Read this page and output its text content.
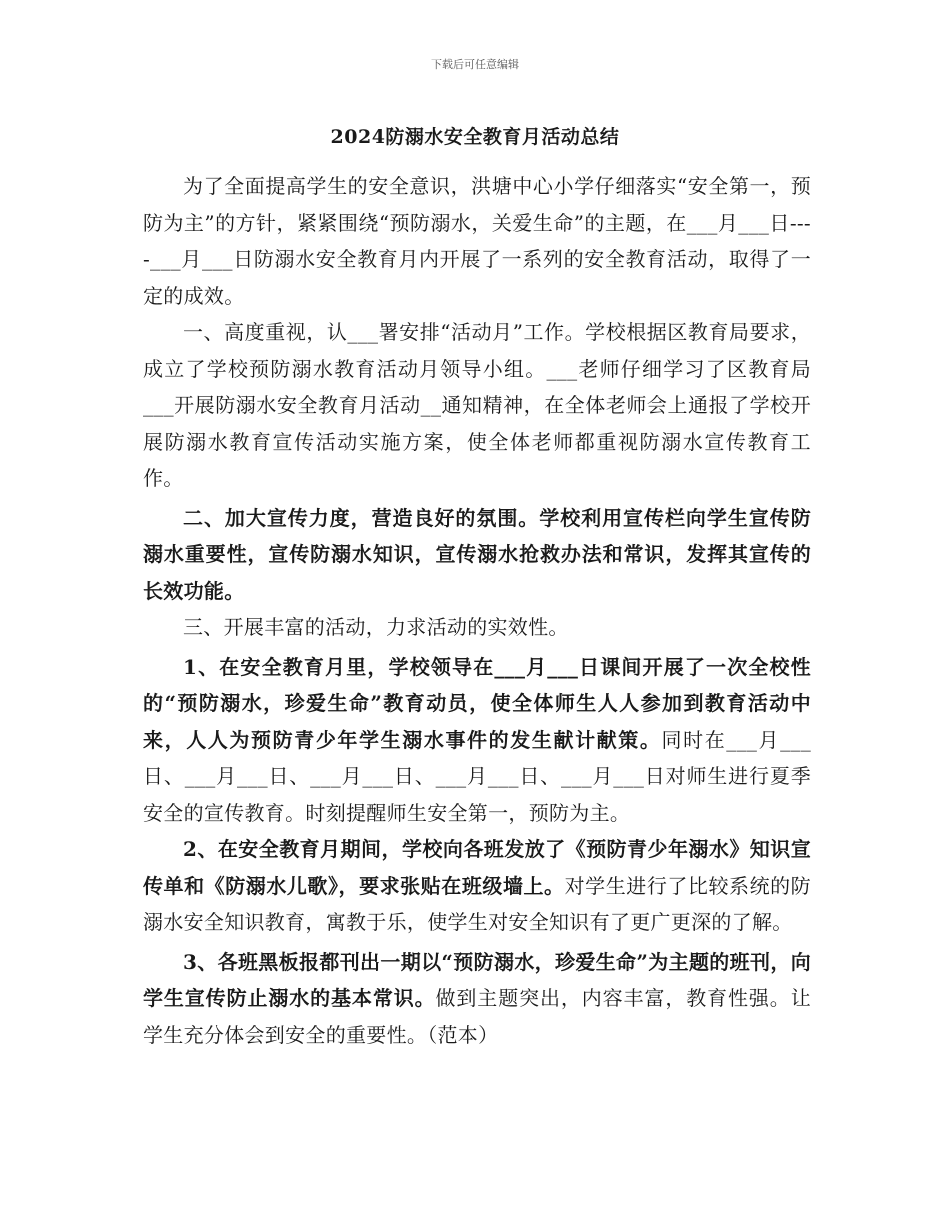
下载后可任意编辑
2024防溺水安全教育月活动总结

为了全面提高学生的安全意识，洪塘中心小学仔细落实“安全第一，预防为主”的方针，紧紧围绕“预防溺水，关爱生命”的主题，在___月___日----___月___日防溺水安全教育月内开展了一系列的安全教育活动，取得了一定的成效。

一、高度重视，认___署安排“活动月”工作。学校根据区教育局要求，成立了学校预防溺水教育活动月领导小组。___老师仔细学习了区教育局___开展防溺水安全教育月活动__通知精神，在全体老师会上通报了学校开展防溺水教育宣传活动实施方案，使全体老师都重视防溺水宣传教育工作。

二、加大宣传力度，营造良好的氛围。学校利用宣传栏向学生宣传防溺水重要性，宣传防溺水知识，宣传溺水抢救办法和常识，发挥其宣传的长效功能。

三、开展丰富的活动，力求活动的实效性。

1、在安全教育月里，学校领导在___月___日课间开展了一次全校性的“预防溺水，珍爱生命”教育动员，使全体师生人人参加到教育活动中来，人人为预防青少年学生溺水事件的发生献计献策。同时在___月___日、___月___日、___月___日、___月___日、___月___日对师生进行夏季安全的宣传教育。时刻提醒师生安全第一，预防为主。

2、在安全教育月期间，学校向各班发放了《预防青少年溺水》知识宣传单和《防溺水儿歌》，要求张贴在班级墙上。对学生进行了比较系统的防溺水安全知识教育，寓教于乐，使学生对安全知识有了更广更深的了解。

3、各班黑板报都刊出一期以“预防溺水，珍爱生命”为主题的班刊，向学生宣传防止溺水的基本常识。做到主题突出，内容丰富，教育性强。让学生充分体会到安全的重要性。（范本）
